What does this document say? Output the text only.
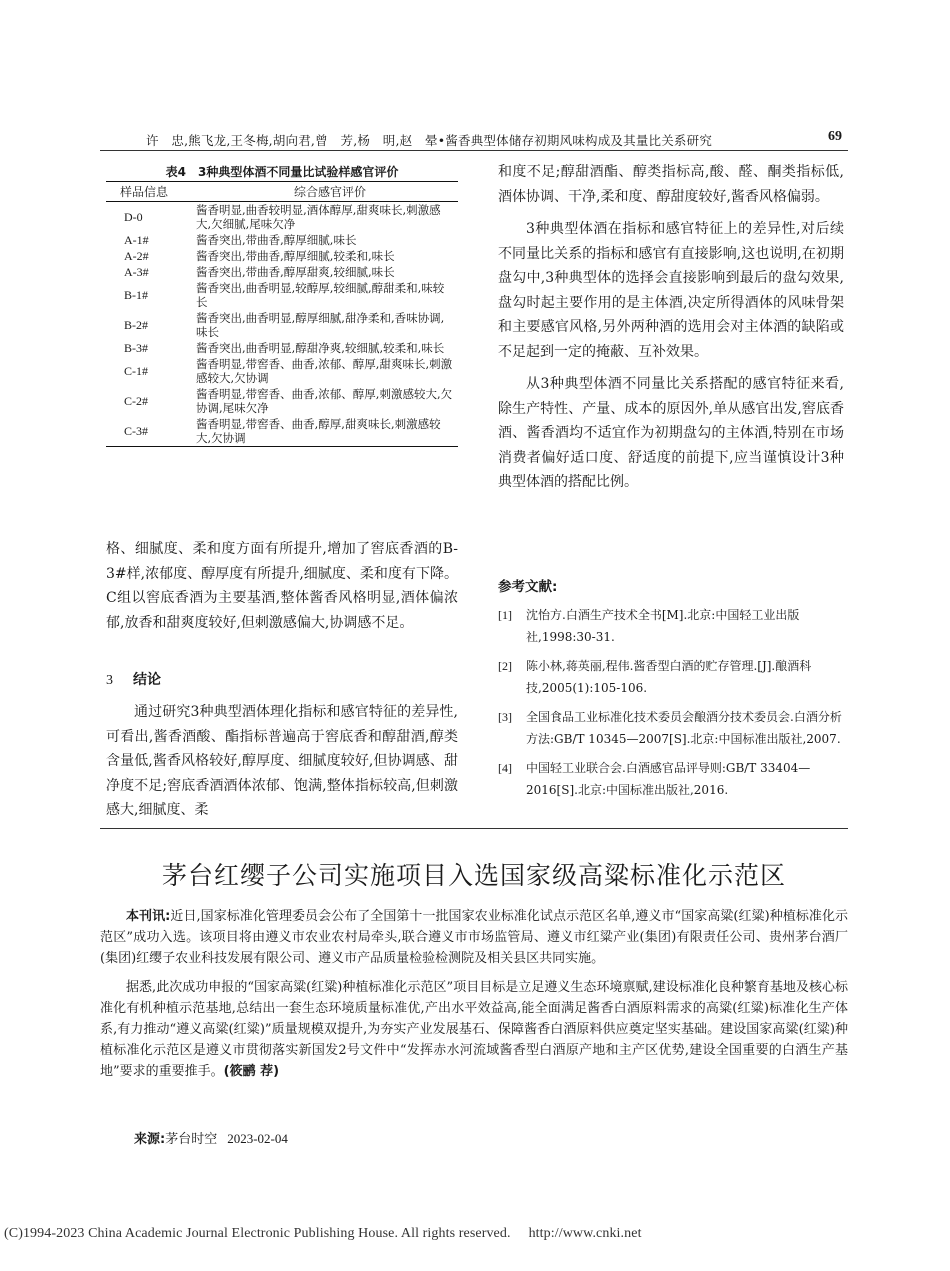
许　忠,熊飞龙,王冬梅,胡向君,曾　芳,杨　明,赵　晕•酱香典型体储存初期风味构成及其量比关系研究	69
表4　3种典型体酒不同量比试验样感官评价
样品信息	综合感官评价
D-0	酱香明显,曲香较明显,酒体醇厚,甜爽味长,刺激感大,欠细腻,尾味欠净
A-1#	酱香突出,带曲香,醇厚细腻,味长
A-2#	酱香突出,带曲香,醇厚细腻,较柔和,味长
A-3#	酱香突出,带曲香,醇厚甜爽,较细腻,味长
B-1#	酱香突出,曲香明显,较醇厚,较细腻,醇甜柔和,味较长
B-2#	酱香突出,曲香明显,醇厚细腻,甜净柔和,香味协调,味长
B-3#	酱香突出,曲香明显,醇甜净爽,较细腻,较柔和,味长
C-1#	酱香明显,带窖香、曲香,浓郁、醇厚,甜爽味长,刺激感较大,欠协调
C-2#	酱香明显,带窖香、曲香,浓郁、醇厚,刺激感较大,欠协调,尾味欠净
C-3#	酱香明显,带窖香、曲香,醇厚,甜爽味长,刺激感较大,欠协调
格、细腻度、柔和度方面有所提升,增加了窖底香酒的B-3#样,浓郁度、醇厚度有所提升,细腻度、柔和度有下降。C组以窖底香酒为主要基酒,整体酱香风格明显,酒体偏浓郁,放香和甜爽度较好,但刺激感偏大,协调感不足。
3 结论
通过研究3种典型酒体理化指标和感官特征的差异性,可看出,酱香酒酸、酯指标普遍高于窖底香和醇甜酒,醇类含量低,酱香风格较好,醇厚度、细腻度较好,但协调感、甜净度不足;窖底香酒酒体浓郁、饱满,整体指标较高,但刺激感大,细腻度、柔
和度不足;醇甜酒酯、醇类指标高,酸、醛、酮类指标低,酒体协调、干净,柔和度、醇甜度较好,酱香风格偏弱。
3种典型体酒在指标和感官特征上的差异性,对后续不同量比关系的指标和感官有直接影响,这也说明,在初期盘勾中,3种典型体的选择会直接影响到最后的盘勾效果,盘勾时起主要作用的是主体酒,决定所得酒体的风味骨架和主要感官风格,另外两种酒的选用会对主体酒的缺陷或不足起到一定的掩蔽、互补效果。
从3种典型体酒不同量比关系搭配的感官特征来看,除生产特性、产量、成本的原因外,单从感官出发,窖底香酒、酱香酒均不适宜作为初期盘勾的主体酒,特别在市场消费者偏好适口度、舒适度的前提下,应当谨慎设计3种典型体酒的搭配比例。
参考文献:
[1]	沈怡方.白酒生产技术全书[M].北京:中国轻工业出版社,1998:30-31.
[2]	陈小林,蒋英丽,程伟.酱香型白酒的贮存管理.[J].酿酒科技,2005(1):105-106.
[3]	全国食品工业标准化技术委员会酿酒分技术委员会.白酒分析方法:GB/T 10345—2007[S].北京:中国标准出版社,2007.
[4]	中国轻工业联合会.白酒感官品评导则:GB/T 33404—2016[S].北京:中国标准出版社,2016.
茅台红缨子公司实施项目入选国家级高粱标准化示范区
本刊讯:近日,国家标准化管理委员会公布了全国第十一批国家农业标准化试点示范区名单,遵义市“国家高粱(红粱)种植标准化示范区”成功入选。该项目将由遵义市农业农村局牵头,联合遵义市市场监管局、遵义市红粱产业(集团)有限责任公司、贵州茅台酒厂(集团)红缨子农业科技发展有限公司、遵义市产品质量检验检测院及相关县区共同实施。
据悉,此次成功申报的“国家高粱(红粱)种植标准化示范区”项目目标是立足遵义生态环境禀赋,建设标准化良种繁育基地及核心标准化有机种植示范基地,总结出一套生态环境质量标准优,产出水平效益高,能全面满足酱香白酒原料需求的高粱(红粱)标准化生产体系,有力推动“遵义高粱(红粱)”质量规模双提升,为夯实产业发展基石、保障酱香白酒原料供应奠定坚实基础。建设国家高粱(红粱)种植标准化示范区是遵义市贯彻落实新国发2号文件中“发挥赤水河流域酱香型白酒原产地和主产区优势,建设全国重要的白酒生产基地”要求的重要推手。(筱鹂 荐)
来源:茅台时空 2023-02-04
(C)1994-2023 China Academic Journal Electronic Publishing House. All rights reserved. http://www.cnki.net
